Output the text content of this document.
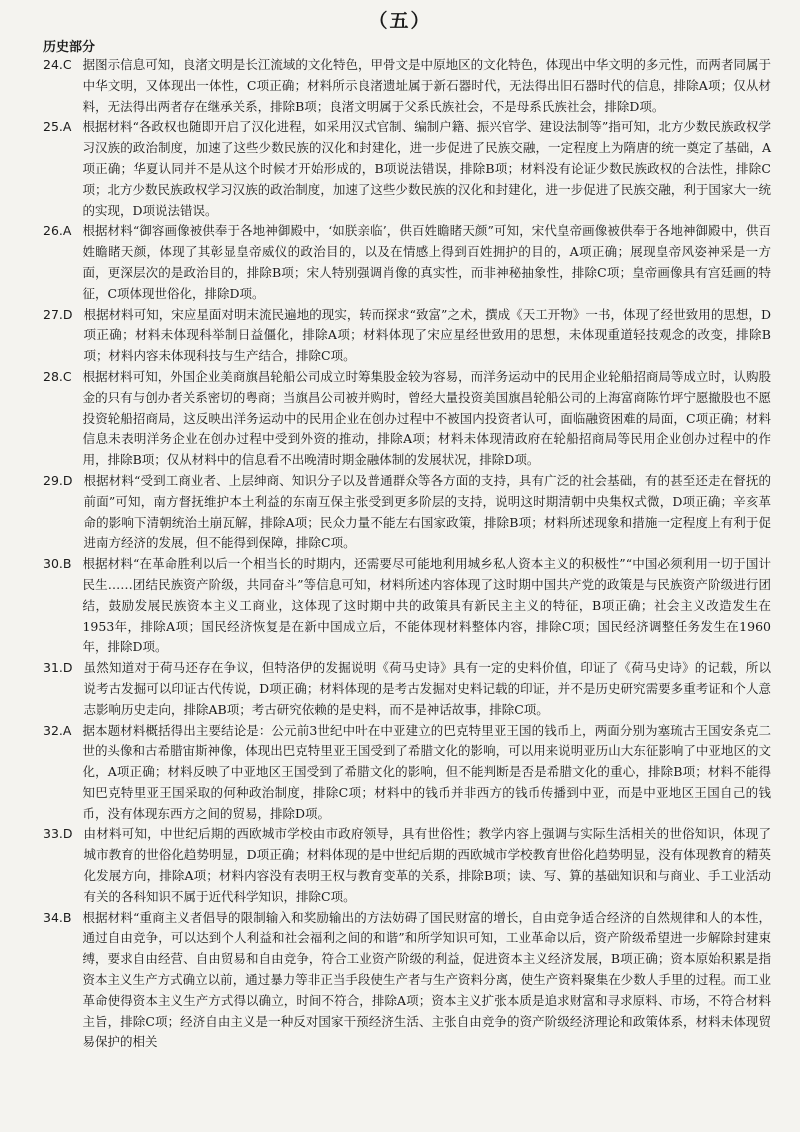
（五）
历史部分
24.C 据图示信息可知，良渚文明是长江流域的文化特色，甲骨文是中原地区的文化特色，体现出中华文明的多元性，而两者同属于中华文明，又体现出一体性，C项正确；材料所示良渚遗址属于新石器时代，无法得出旧石器时代的信息，排除A项；仅从材料，无法得出两者存在继承关系，排除B项；良渚文明属于父系氏族社会，不是母系氏族社会，排除D项。
25.A 根据材料“各政权也随即开启了汉化进程，如采用汉式官制、编制户籍、振兴官学、建设法制等”指可知，北方少数民族政权学习汉族的政治制度，加速了这些少数民族的汉化和封建化，进一步促进了民族交融，一定程度上为隋唐的统一奠定了基础，A项正确；华夏认同并不是从这个时候才开始形成的，B项说法错误，排除B项；材料没有论证少数民族政权的合法性，排除C项；北方少数民族政权学习汉族的政治制度，加速了这些少数民族的汉化和封建化，进一步促进了民族交融，利于国家大一统的实现，D项说法错误。
26.A 根据材料“御容画像被供奉于各地神御殿中，‘如朕亲临’，供百姓瞻睹天颜”可知，宋代皇帝画像被供奉于各地神御殿中，供百姓瞻睹天颜，体现了其彰显皇帝威仪的政治目的，以及在情感上得到百姓拥护的目的，A项正确；展现皇帝风姿神采是一方面，更深层次的是政治目的，排除B项；宋人特别强调肖像的真实性，而非神秘抽象性，排除C项；皇帝画像具有宫廷画的特征，C项体现世俗化，排除D项。
27.D 根据材料可知，宋应星面对明末流民遍地的现实，转而探求“致富”之术，撰成《天工开物》一书，体现了经世致用的思想，D项正确；材料未体现科举制日益僵化，排除A项；材料体现了宋应星经世致用的思想，未体现重道轻技观念的改变，排除B项；材料内容未体现科技与生产结合，排除C项。
28.C 根据材料可知，外国企业美商旗昌轮船公司成立时筹集股金较为容易，而洋务运动中的民用企业轮船招商局等成立时，认购股金的只有与创办者关系密切的粤商；当旗昌公司被并购时，曾经大量投资美国旗昌轮船公司的上海富商陈竹坪宁愿撤股也不愿投资轮船招商局，这反映出洋务运动中的民用企业在创办过程中不被国内投资者认可，面临融资困难的局面，C项正确；材料信息未表明洋务企业在创办过程中受到外资的推动，排除A项；材料未体现清政府在轮船招商局等民用企业创办过程中的作用，排除B项；仅从材料中的信息看不出晚清时期金融体制的发展状况，排除D项。
29.D 根据材料“受到工商业者、上层绅商、知识分子以及普通群众等各方面的支持，具有广泛的社会基础，有的甚至还走在督抚的前面”可知，南方督抚维护本土利益的东南互保主张受到更多阶层的支持，说明这时期清朝中央集权式微，D项正确；辛亥革命的影响下清朝统治土崩瓦解，排除A项；民众力量不能左右国家政策，排除B项；材料所述现象和措施一定程度上有利于促进南方经济的发展，但不能得到保障，排除C项。
30.B 根据材料“在革命胜利以后一个相当长的时期内，还需要尽可能地利用城乡私人资本主义的积极性”“中国必须利用一切于国计民生……团结民族资产阶级，共同奋斗”等信息可知，材料所述内容体现了这时期中国共产党的政策是与民族资产阶级进行团结，鼓励发展民族资本主义工商业，这体现了这时期中共的政策具有新民主主义的特征，B项正确；社会主义改造发生在1953年，排除A项；国民经济恢复是在新中国成立后，不能体现材料整体内容，排除C项；国民经济调整任务发生在1960年，排除D项。
31.D 虽然知道对于荷马还存在争议，但特洛伊的发掘说明《荷马史诗》具有一定的史料价值，印证了《荷马史诗》的记载，所以说考古发掘可以印证古代传说，D项正确；材料体现的是考古发掘对史料记载的印证，并不是历史研究需要多重考证和个人意志影响历史走向，排除AB项；考古研究依赖的是史料，而不是神话故事，排除C项。
32.A 据本题材料概括得出主要结论是：公元前3世纪中叶在中亚建立的巴克特里亚王国的钱币上，两面分别为塞琉古王国安条克二世的头像和古希腊宙斯神像，体现出巴克特里亚王国受到了希腊文化的影响，可以用来说明亚历山大东征影响了中亚地区的文化，A项正确；材料反映了中亚地区王国受到了希腊文化的影响，但不能判断是否是希腊文化的重心，排除B项；材料不能得知巴克特里亚王国采取的何种政治制度，排除C项；材料中的钱币并非西方的钱币传播到中亚，而是中亚地区王国自己的钱币，没有体现东西方之间的贸易，排除D项。
33.D 由材料可知，中世纪后期的西欧城市学校由市政府领导，具有世俗性；教学内容上强调与实际生活相关的世俗知识，体现了城市教育的世俗化趋势明显，D项正确；材料体现的是中世纪后期的西欧城市学校教育世俗化趋势明显，没有体现教育的精英化发展方向，排除A项；材料内容没有表明王权与教育变革的关系，排除B项；读、写、算的基础知识和与商业、手工业活动有关的各科知识不属于近代科学知识，排除C项。
34.B 根据材料“重商主义者倡导的限制输入和奖励输出的方法妨碍了国民财富的增长，自由竞争适合经济的自然规律和人的本性，通过自由竞争，可以达到个人利益和社会福利之间的和谐”和所学知识可知，工业革命以后，资产阶级希望进一步解除封建束缚，要求自由经营、自由贸易和自由竞争，符合工业资产阶级的利益，促进资本主义经济发展，B项正确；资本原始积累是指资本主义生产方式确立以前，通过暴力等非正当手段使生产者与生产资料分离，使生产资料聚集在少数人手里的过程。而工业革命使得资本主义生产方式得以确立，时间不符合，排除A项；资本主义扩张本质是追求财富和寻求原料、市场，不符合材料主旨，排除C项；经济自由主义是一种反对国家干预经济生活、主张自由竞争的资产阶级经济理论和政策体系，材料未体现贸易保护的相关
